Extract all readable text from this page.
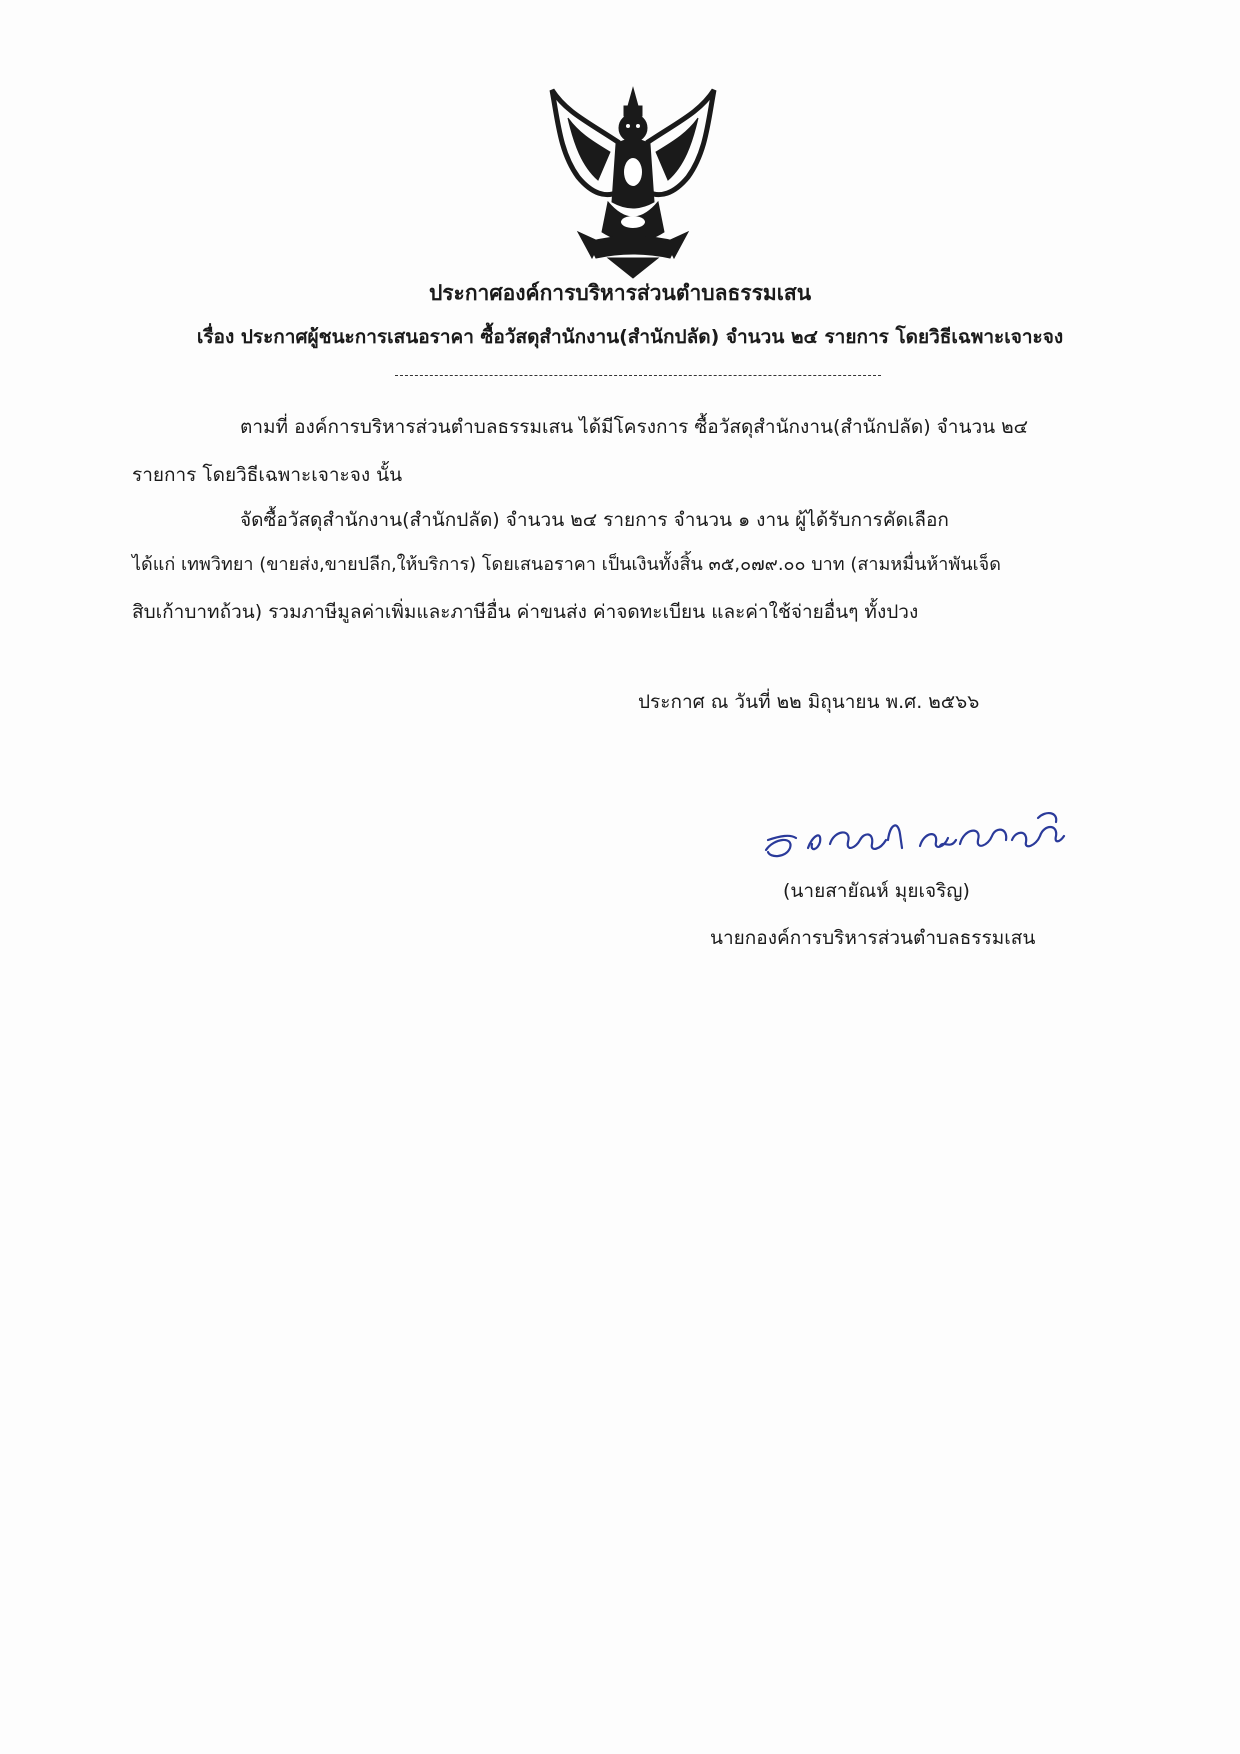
ประกาศองค์การบริหารส่วนตำบลธรรมเสน
เรื่อง ประกาศผู้ชนะการเสนอราคา ซื้อวัสดุสำนักงาน(สำนักปลัด) จำนวน ๒๔ รายการ โดยวิธีเฉพาะเจาะจง
ตามที่ องค์การบริหารส่วนตำบลธรรมเสน ได้มีโครงการ ซื้อวัสดุสำนักงาน(สำนักปลัด) จำนวน ๒๔
รายการ โดยวิธีเฉพาะเจาะจง นั้น
จัดซื้อวัสดุสำนักงาน(สำนักปลัด) จำนวน ๒๔ รายการ จำนวน ๑ งาน ผู้ได้รับการคัดเลือก
ได้แก่ เทพวิทยา (ขายส่ง,ขายปลีก,ให้บริการ) โดยเสนอราคา เป็นเงินทั้งสิ้น ๓๕,๐๗๙.๐๐ บาท (สามหมื่นห้าพันเจ็ด
สิบเก้าบาทถ้วน) รวมภาษีมูลค่าเพิ่มและภาษีอื่น ค่าขนส่ง ค่าจดทะเบียน และค่าใช้จ่ายอื่นๆ ทั้งปวง
ประกาศ ณ วันที่ ๒๒ มิถุนายน พ.ศ. ๒๕๖๖
(นายสายัณห์ มุยเจริญ)
นายกองค์การบริหารส่วนตำบลธรรมเสน
